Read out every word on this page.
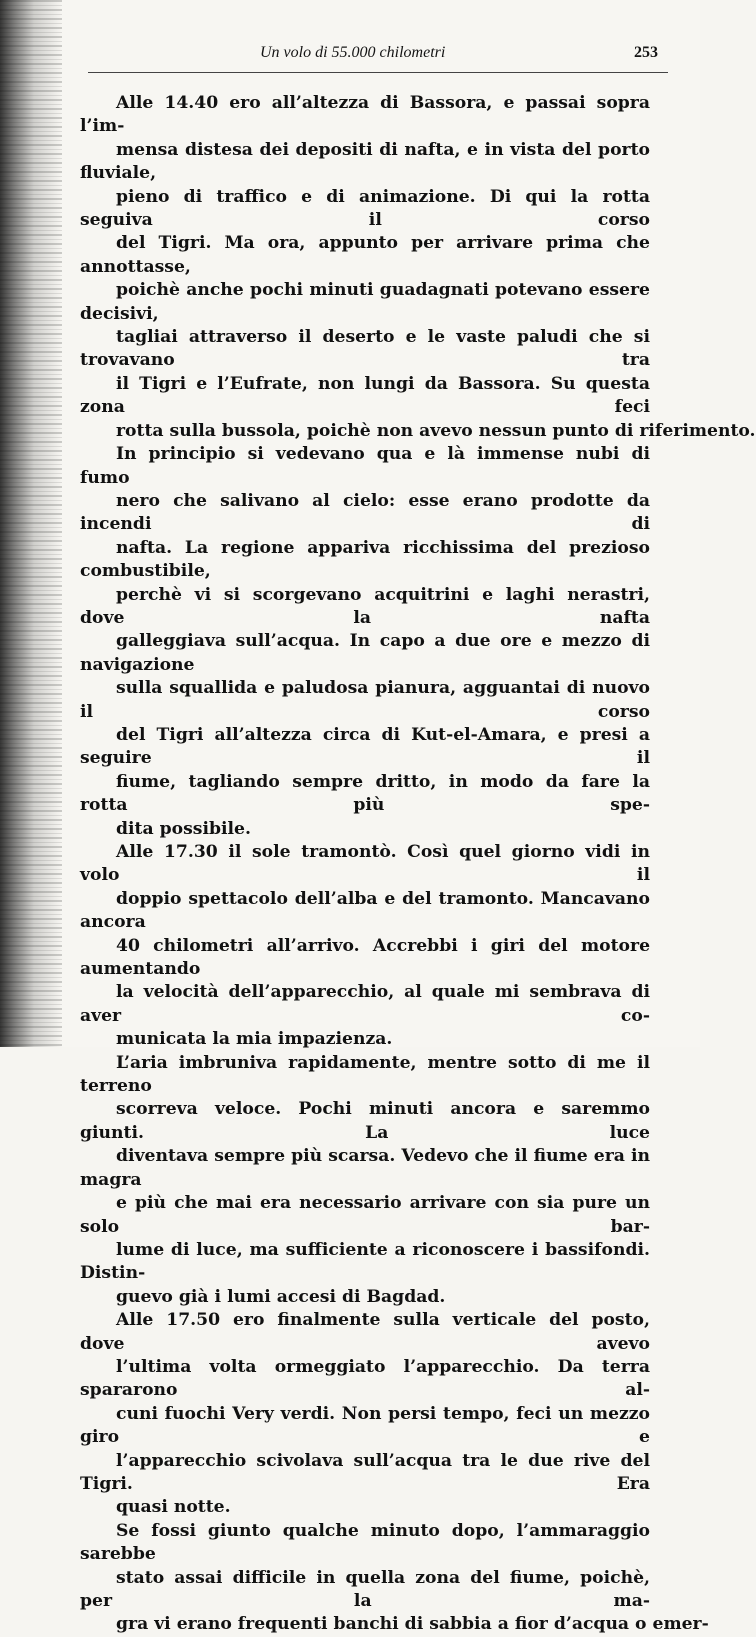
Un volo di 55.000 chilometri	253

Alle 14.40 ero all’altezza di Bassora, e passai sopra l’im-
mensa distesa dei depositi di nafta, e in vista del porto fluviale,
pieno di traffico e di animazione. Di qui la rotta seguiva il corso
del Tigri. Ma ora, appunto per arrivare prima che annottasse,
poichè anche pochi minuti guadagnati potevano essere decisivi,
tagliai attraverso il deserto e le vaste paludi che si trovavano tra
il Tigri e l’Eufrate, non lungi da Bassora. Su questa zona feci
rotta sulla bussola, poichè non avevo nessun punto di riferimento.

In principio si vedevano qua e là immense nubi di fumo
nero che salivano al cielo: esse erano prodotte da incendi di
nafta. La regione appariva ricchissima del prezioso combustibile,
perchè vi si scorgevano acquitrini e laghi nerastri, dove la nafta
galleggiava sull’acqua. In capo a due ore e mezzo di navigazione
sulla squallida e paludosa pianura, agguantai di nuovo il corso
del Tigri all’altezza circa di Kut-el-Amara, e presi a seguire il
fiume, tagliando sempre dritto, in modo da fare la rotta più spe-
dita possibile.

Alle 17.30 il sole tramontò. Così quel giorno vidi in volo il
doppio spettacolo dell’alba e del tramonto. Mancavano ancora
40 chilometri all’arrivo. Accrebbi i giri del motore aumentando
la velocità dell’apparecchio, al quale mi sembrava di aver co-
municata la mia impazienza.

L’aria imbruniva rapidamente, mentre sotto di me il terreno
scorreva veloce. Pochi minuti ancora e saremmo giunti. La luce
diventava sempre più scarsa. Vedevo che il fiume era in magra
e più che mai era necessario arrivare con sia pure un solo bar-
lume di luce, ma sufficiente a riconoscere i bassifondi. Distin-
guevo già i lumi accesi di Bagdad.

Alle 17.50 ero finalmente sulla verticale del posto, dove avevo
l’ultima volta ormeggiato l’apparecchio. Da terra spararono al-
cuni fuochi Very verdi. Non persi tempo, feci un mezzo giro e
l’apparecchio scivolava sull’acqua tra le due rive del Tigri. Era
quasi notte.

Se fossi giunto qualche minuto dopo, l’ammaraggio sarebbe
stato assai difficile in quella zona del fiume, poichè, per la ma-
gra vi erano frequenti banchi di sabbia a fior d’acqua o emer-
